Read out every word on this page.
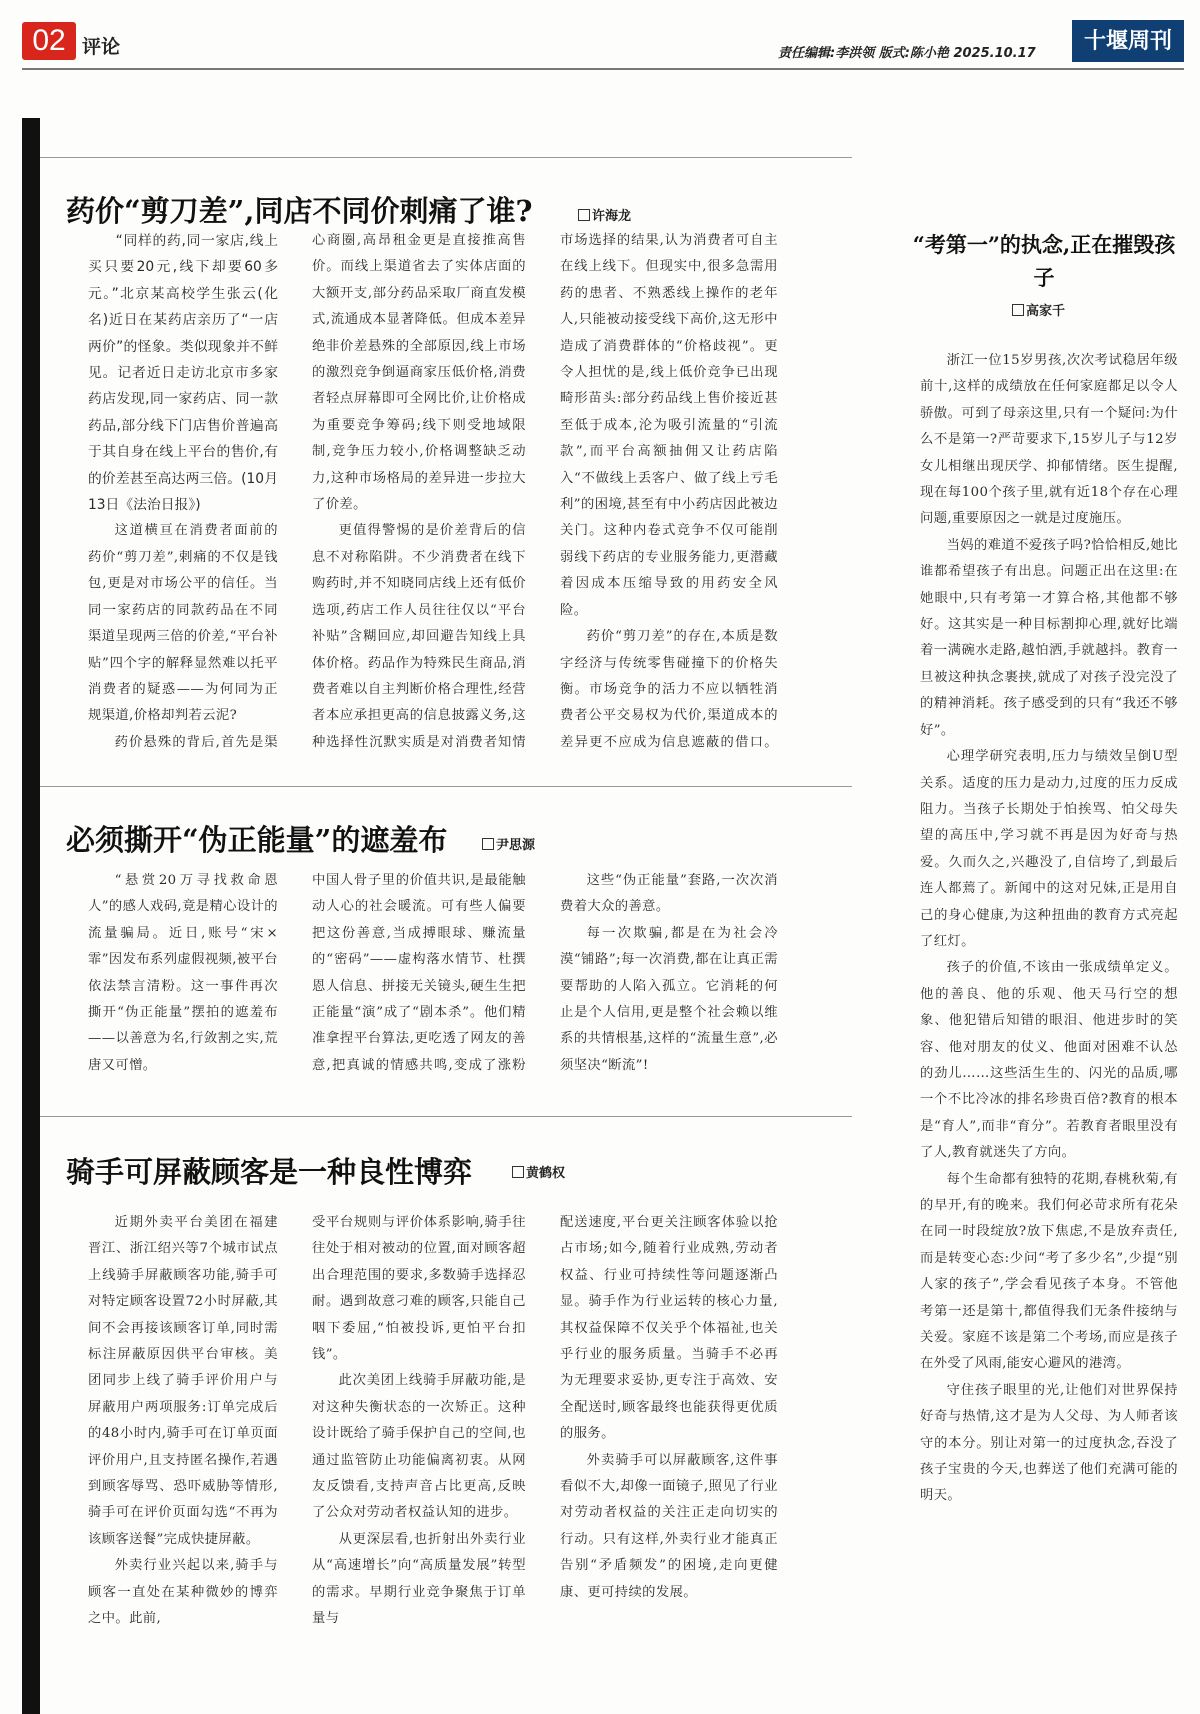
02 评论	责任编辑:李洪领 版式:陈小艳 2025.10.17	十堰周刊
药价“剪刀差”,同店不同价刺痛了谁?	许海龙

“同样的药,同一家店,线上买只要20元,线下却要60多元。”北京某高校学生张云(化名)近日在某药店亲历了“一店两价”的怪象。类似现象并不鲜见。记者近日走访北京市多家药店发现,同一家药店、同一款药品,部分线下门店售价普遍高于其自身在线上平台的售价,有的价差甚至高达两三倍。(10月13日《法治日报》)

这道横亘在消费者面前的药价“剪刀差”,剌痛的不仅是钱包,更是对市场公平的信任。当同一家药店的同款药品在不同渠道呈现两三倍的价差,“平台补贴”四个字的解释显然难以托平消费者的疑惑——为何同为正规渠道,价格却判若云泥?

药价悬殊的背后,首先是渠

心商圈,高昂租金更是直接推高售价。而线上渠道省去了实体店面的大额开支,部分药品采取厂商直发模式,流通成本显著降低。但成本差异绝非价差悬殊的全部原因,线上市场的激烈竞争倒逼商家压低价格,消费者轻点屏幕即可全网比价,让价格成为重要竞争筹码;线下则受地域限制,竞争压力较小,价格调整缺乏动力,这种市场格局的差异进一步拉大了价差。

更值得警惕的是价差背后的信息不对称陷阱。不少消费者在线下购药时,并不知晓同店线上还有低价选项,药店工作人员往往仅以“平台补贴”含糊回应,却回避告知线上具体价格。药品作为特殊民生商品,消费者难以自主判断价格合理性,经营者本应承担更高的信息披露义务,这种选择性沉默实质是对消费者知情

市场选择的结果,认为消费者可自主在线上线下。但现实中,很多急需用药的患者、不熟悉线上操作的老年人,只能被动接受线下高价,这无形中造成了消费群体的“价格歧视”。更令人担忧的是,线上低价竞争已出现畸形苗头:部分药品线上售价接近甚至低于成本,沦为吸引流量的“引流款”,而平台高额抽佣又让药店陷入“不做线上丢客户、做了线上亏毛利”的困境,甚至有中小药店因此被边关门。这种内卷式竞争不仅可能削弱线下药店的专业服务能力,更潜藏着因成本压缩导致的用药安全风险。

药价“剪刀差”的存在,本质是数字经济与传统零售碰撞下的价格失衡。市场竞争的活力不应以牺牲消费者公平交易权为代价,渠道成本的差异更不应成为信息遮蔽的借口。

必须撕开“伪正能量”的遮羞布	尹思源

“悬赏20万寻找救命恩人”的感人戏码,竟是精心设计的流量骗局。近日,账号“宋×霏”因发布系列虚假视频,被平台依法禁言清粉。这一事件再次撕开“伪正能量”摆拍的遮羞布——以善意为名,行敛割之实,荒唐又可憎。

中国人骨子里的价值共识,是最能触动人心的社会暖流。可有些人偏要把这份善意,当成搏眼球、赚流量的“密码”——虚构落水情节、杜撰恩人信息、拼接无关镜头,硬生生把正能量“演”成了“剧本杀”。他们精准拿捏平台算法,更吃透了网友的善意,把真诚的情感共鸣,变成了涨粉

这些“伪正能量”套路,一次次消费着大众的善意。

每一次欺骗,都是在为社会冷漠“铺路”;每一次消费,都在让真正需要帮助的人陷入孤立。它消耗的何止是个人信用,更是整个社会赖以维系的共情根基,这样的“流量生意”,必须坚决“断流”!

骑手可屏蔽顾客是一种良性博弈	黄鹤权

近期外卖平台美团在福建晋江、浙江绍兴等7个城市试点上线骑手屏蔽顾客功能,骑手可对特定顾客设置72小时屏蔽,其间不会再接该顾客订单,同时需标注屏蔽原因供平台审核。美团同步上线了骑手评价用户与屏蔽用户两项服务:订单完成后的48小时内,骑手可在订单页面评价用户,且支持匿名操作,若遇到顾客辱骂、恐吓威胁等情形,骑手可在评价页面勾选“不再为该顾客送餐”完成快捷屏蔽。

外卖行业兴起以来,骑手与顾客一直处在某种微妙的博弈之中。此前,

受平台规则与评价体系影响,骑手往往处于相对被动的位置,面对顾客超出合理范围的要求,多数骑手选择忍耐。遇到故意刁难的顾客,只能自己咽下委屈,“怕被投诉,更怕平台扣钱”。

此次美团上线骑手屏蔽功能,是对这种失衡状态的一次矫正。这种设计既给了骑手保护自己的空间,也通过监管防止功能偏离初衷。从网友反馈看,支持声音占比更高,反映了公众对劳动者权益认知的进步。

从更深层看,也折射出外卖行业从“高速增长”向“高质量发展”转型的需求。早期行业竞争聚焦于订单量与

配送速度,平台更关注顾客体验以抢占市场;如今,随着行业成熟,劳动者权益、行业可持续性等问题逐渐凸显。骑手作为行业运转的核心力量,其权益保障不仅关乎个体福祉,也关乎行业的服务质量。当骑手不必再为无理要求妥协,更专注于高效、安全配送时,顾客最终也能获得更优质的服务。

外卖骑手可以屏蔽顾客,这件事看似不大,却像一面镜子,照见了行业对劳动者权益的关注正走向切实的行动。只有这样,外卖行业才能真正告别“矛盾频发”的困境,走向更健康、更可持续的发展。

“考第一”的执念,正在摧毁孩子
高家千

浙江一位15岁男孩,次次考试稳居年级前十,这样的成绩放在任何家庭都足以令人骄傲。可到了母亲这里,只有一个疑问:为什么不是第一?严苛要求下,15岁儿子与12岁女儿相继出现厌学、抑郁情绪。医生提醒,现在每100个孩子里,就有近18个存在心理问题,重要原因之一就是过度施压。

当妈的难道不爱孩子吗?恰恰相反,她比谁都希望孩子有出息。问题正出在这里:在她眼中,只有考第一才算合格,其他都不够好。这其实是一种目标割抑心理,就好比端着一满碗水走路,越怕洒,手就越抖。教育一旦被这种执念裹挟,就成了对孩子没完没了的精神消耗。孩子感受到的只有“我还不够好”。

心理学研究表明,压力与绩效呈倒U型关系。适度的压力是动力,过度的压力反成阻力。当孩子长期处于怕挨骂、怕父母失望的高压中,学习就不再是因为好奇与热爱。久而久之,兴趣没了,自信垮了,到最后连人都蔫了。新闻中的这对兄妹,正是用自己的身心健康,为这种扭曲的教育方式亮起了红灯。

孩子的价值,不该由一张成绩单定义。他的善良、他的乐观、他天马行空的想象、他犯错后知错的眼泪、他进步时的笑容、他对朋友的仗义、他面对困难不认怂的劲儿……这些活生生的、闪光的品质,哪一个不比冷冰的排名珍贵百倍?教育的根本是“育人”,而非“育分”。若教育者眼里没有了人,教育就迷失了方向。

每个生命都有独特的花期,春桃秋菊,有的早开,有的晚来。我们何必苛求所有花朵在同一时段绽放?放下焦虑,不是放弃责任,而是转变心态:少问“考了多少名”,少提“别人家的孩子”,学会看见孩子本身。不管他考第一还是第十,都值得我们无条件接纳与关爱。家庭不该是第二个考场,而应是孩子在外受了风雨,能安心避风的港湾。

守住孩子眼里的光,让他们对世界保持好奇与热情,这才是为人父母、为人师者该守的本分。别让对第一的过度执念,吞没了孩子宝贵的今天,也葬送了他们充满可能的明天。
